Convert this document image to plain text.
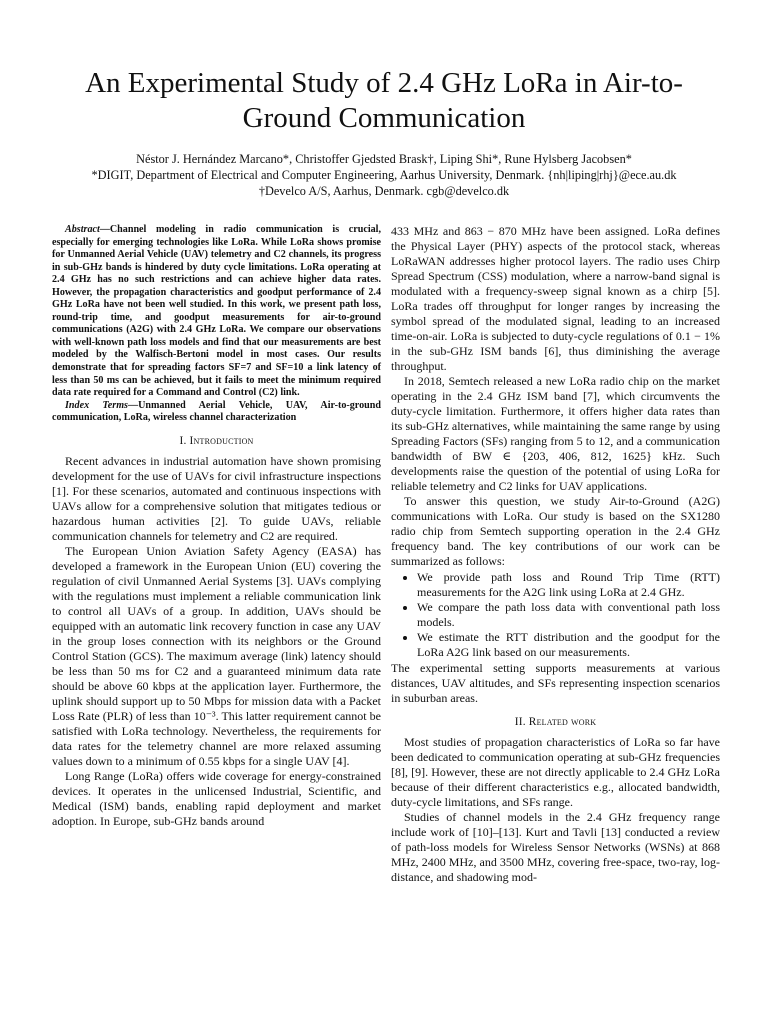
An Experimental Study of 2.4 GHz LoRa in Air-to-Ground Communication
Néstor J. Hernández Marcano*, Christoffer Gjedsted Brask†, Liping Shi*, Rune Hylsberg Jacobsen*
*DIGIT, Department of Electrical and Computer Engineering, Aarhus University, Denmark. {nh|liping|rhj}@ece.au.dk
†Develco A/S, Aarhus, Denmark. cgb@develco.dk

Abstract—Channel modeling in radio communication is crucial, especially for emerging technologies like LoRa. While LoRa shows promise for Unmanned Aerial Vehicle (UAV) telemetry and C2 channels, its progress in sub-GHz bands is hindered by duty cycle limitations. LoRa operating at 2.4 GHz has no such restrictions and can achieve higher data rates. However, the propagation characteristics and goodput performance of 2.4 GHz LoRa have not been well studied. In this work, we present path loss, round-trip time, and goodput measurements for air-to-ground communications (A2G) with 2.4 GHz LoRa. We compare our observations with well-known path loss models and find that our measurements are best modeled by the Walfisch-Bertoni model in most cases. Our results demonstrate that for spreading factors SF=7 and SF=10 a link latency of less than 50 ms can be achieved, but it fails to meet the minimum required data rate required for a Command and Control (C2) link.

Index Terms—Unmanned Aerial Vehicle, UAV, Air-to-ground communication, LoRa, wireless channel characterization

I. Introduction

Recent advances in industrial automation have shown promising development for the use of UAVs for civil infrastructure inspections [1]. For these scenarios, automated and continuous inspections with UAVs allow for a comprehensive solution that mitigates tedious or hazardous human activities [2]. To guide UAVs, reliable communication channels for telemetry and C2 are required.

The European Union Aviation Safety Agency (EASA) has developed a framework in the European Union (EU) covering the regulation of civil Unmanned Aerial Systems [3]. UAVs complying with the regulations must implement a reliable communication link to control all UAVs of a group. In addition, UAVs should be equipped with an automatic link recovery function in case any UAV in the group loses connection with its neighbors or the Ground Control Station (GCS). The maximum average (link) latency should be less than 50 ms for C2 and a guaranteed minimum data rate should be above 60 kbps at the application layer. Furthermore, the uplink should support up to 50 Mbps for mission data with a Packet Loss Rate (PLR) of less than 10⁻³. This latter requirement cannot be satisfied with LoRa technology. Nevertheless, the requirements for data rates for the telemetry channel are more relaxed assuming values down to a minimum of 0.55 kbps for a single UAV [4].

Long Range (LoRa) offers wide coverage for energy-constrained devices. It operates in the unlicensed Industrial, Scientific, and Medical (ISM) bands, enabling rapid deployment and market adoption. In Europe, sub-GHz bands around

433 MHz and 863 − 870 MHz have been assigned. LoRa defines the Physical Layer (PHY) aspects of the protocol stack, whereas LoRaWAN addresses higher protocol layers. The radio uses Chirp Spread Spectrum (CSS) modulation, where a narrow-band signal is modulated with a frequency-sweep signal known as a chirp [5]. LoRa trades off throughput for longer ranges by increasing the symbol spread of the modulated signal, leading to an increased time-on-air. LoRa is subjected to duty-cycle regulations of 0.1 − 1% in the sub-GHz ISM bands [6], thus diminishing the average throughput.

In 2018, Semtech released a new LoRa radio chip on the market operating in the 2.4 GHz ISM band [7], which circumvents the duty-cycle limitation. Furthermore, it offers higher data rates than its sub-GHz alternatives, while maintaining the same range by using Spreading Factors (SFs) ranging from 5 to 12, and a communication bandwidth of BW ∈ {203, 406, 812, 1625} kHz. Such developments raise the question of the potential of using LoRa for reliable telemetry and C2 links for UAV applications.

To answer this question, we study Air-to-Ground (A2G) communications with LoRa. Our study is based on the SX1280 radio chip from Semtech supporting operation in the 2.4 GHz frequency band. The key contributions of our work can be summarized as follows:

• We provide path loss and Round Trip Time (RTT) measurements for the A2G link using LoRa at 2.4 GHz.
• We compare the path loss data with conventional path loss models.
• We estimate the RTT distribution and the goodput for the LoRa A2G link based on our measurements.

The experimental setting supports measurements at various distances, UAV altitudes, and SFs representing inspection scenarios in suburban areas.

II. Related work

Most studies of propagation characteristics of LoRa so far have been dedicated to communication operating at sub-GHz frequencies [8], [9]. However, these are not directly applicable to 2.4 GHz LoRa because of their different characteristics e.g., allocated bandwidth, duty-cycle limitations, and SFs range.

Studies of channel models in the 2.4 GHz frequency range include work of [10]–[13]. Kurt and Tavli [13] conducted a review of path-loss models for Wireless Sensor Networks (WSNs) at 868 MHz, 2400 MHz, and 3500 MHz, covering free-space, two-ray, log-distance, and shadowing mod-
